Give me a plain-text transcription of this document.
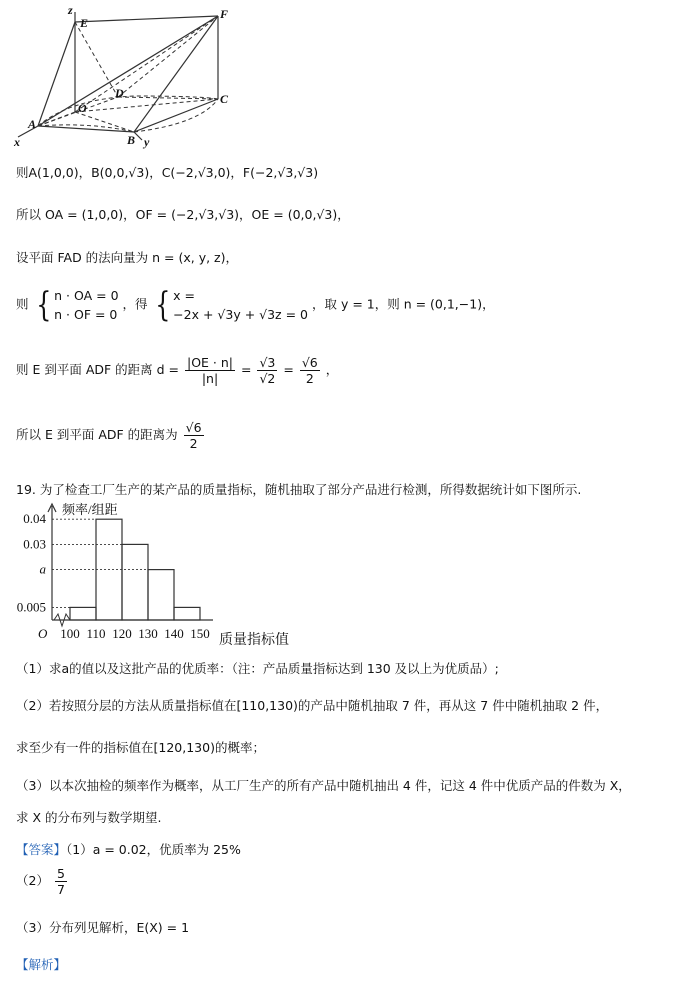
z
E
F
D
O
C
A
B
x	y
则A(1,0,0)，B(0,0,√3)，C(−2,√3,0)，F(−2,√3,√3)
所以 OA = (1,0,0)，OF = (−2,√3,√3)，OE = (0,0,√3)，
设平面 FAD 的法向量为 n = (x, y, z)，
则 { n · OA = 0
n · OF = 0
，得 { x =
−2x + √3y + √3z = 0
，取 y = 1，则 n = (0,1,−1)，
则 E 到平面 ADF 的距离 $d = \frac{|OE \cdot n|}{|n|} = \frac{√3}{√2} = \frac{√6}{2}$ ，
所以 E 到平面 ADF 的距离为 $\frac{√6}{2}$
19. 为了检查工厂生产的某产品的质量指标，随机抽取了部分产品进行检测，所得数据统计如下图所示.
频率/组距
O
0.04
0.03
a
0.005
100 110 120 130 140 150 质量指标值
（1）求a的值以及这批产品的优质率：（注：产品质量指标达到 130 及以上为优质品）;
（2）若按照分层的方法从质量指标值在[110,130)的产品中随机抽取 7 件，再从这 7 件中随机抽取 2 件，
求至少有一件的指标值在[120,130)的概率；
（3）以本次抽检的频率作为概率，从工厂生产的所有产品中随机抽出 4 件，记这 4 件中优质产品的件数为 X，
求 X 的分布列与数学期望.
【答案】（1）a = 0.02，优质率为 25%
$(2) \frac{5}{7}$
（3）分布列见解析，E(X) = 1
【解析】
